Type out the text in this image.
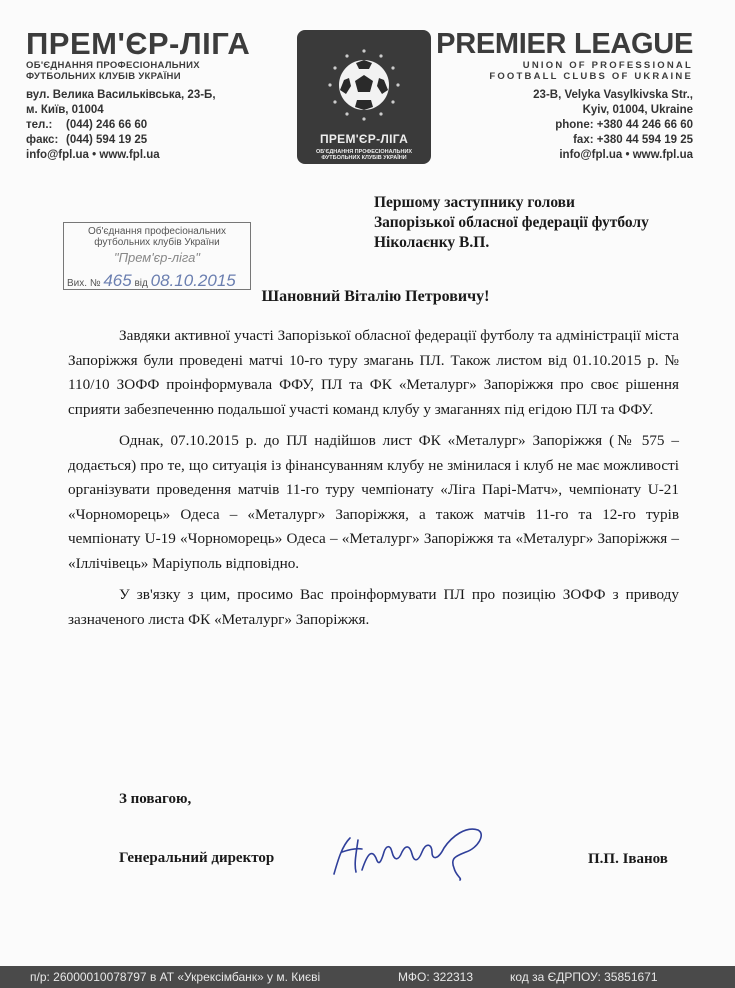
ПРЕМ'ЄР-ЛІГА
ОБ'ЄДНАННЯ ПРОФЕСІОНАЛЬНИХ
ФУТБОЛЬНИХ КЛУБІВ УКРАЇНИ
вул. Велика Васильківська, 23-Б,
м. Київ, 01004
тел.:	(044) 246 66 60
факс: (044) 594 19 25
info@fpl.ua • www.fpl.ua
ПРЕМ'ЄР-ЛІГА
ОБ'ЄДНАННЯ ПРОФЕСІОНАЛЬНИХ ФУТБОЛЬНИХ КЛУБІВ УКРАЇНИ
PREMIER LEAGUE
UNION OF PROFESSIONAL
FOOTBALL CLUBS OF UKRAINE
23-B, Velyka Vasylkivska Str.,
Kyiv, 01004, Ukraine
phone: +380 44 246 66 60
fax: +380 44 594 19 25
info@fpl.ua • www.fpl.ua
Першому заступнику голови
Запорізької обласної федерації футболу
Ніколаєнку В.П.
Об'єднання професіональних
футбольних клубів України
"Прем'єр-ліга"
Вих. № 465 від 08.10.2015
Шановний Віталію Петровичу!

Завдяки активної участі Запорізької обласної федерації футболу та адміністрації міста Запоріжжя були проведені матчі 10-го туру змагань ПЛ. Також листом від 01.10.2015 р. № 110/10 ЗОФФ проінформувала ФФУ, ПЛ та ФК «Металург» Запоріжжя про своє рішення сприяти забезпеченню подальшої участі команд клубу у змаганнях під егідою ПЛ та ФФУ.

Однак, 07.10.2015 р. до ПЛ надійшов лист ФК «Металург» Запоріжжя (№ 575 – додається) про те, що ситуація із фінансуванням клубу не змінилася і клуб не має можливості організувати проведення матчів 11-го туру чемпіонату «Ліга Парі-Матч», чемпіонату U-21 «Чорноморець» Одеса – «Металург» Запоріжжя, а також матчів 11-го та 12-го турів чемпіонату U-19 «Чорноморець» Одеса – «Металург» Запоріжжя та «Металург» Запоріжжя – «Іллічівець» Маріуполь відповідно.

У зв'язку з цим, просимо Вас проінформувати ПЛ про позицію ЗОФФ з приводу зазначеного листа ФК «Металург» Запоріжжя.

З повагою,
Генеральний директор	П.П. Іванов
п/р: 26000010078797 в АТ «Укрексімбанк» у м. Києві	МФО: 322313	код за ЄДРПОУ: 35851671
